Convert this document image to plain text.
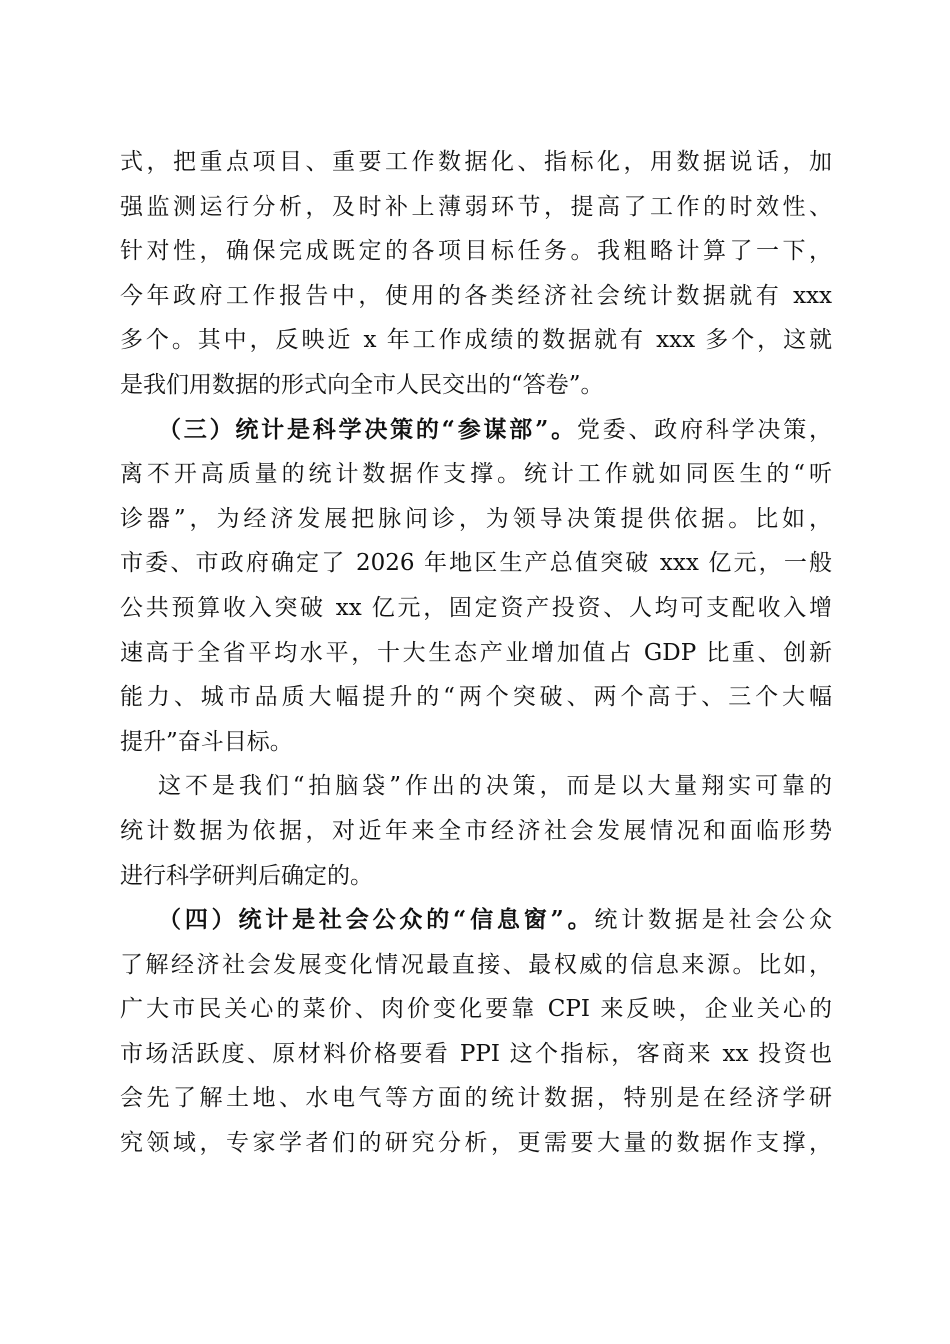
式，把重点项目、重要工作数据化、指标化，用数据说话，加
强监测运行分析，及时补上薄弱环节，提高了工作的时效性、
针对性，确保完成既定的各项目标任务。我粗略计算了一下，
今年政府工作报告中，使用的各类经济社会统计数据就有 xxx
多个。其中，反映近 x 年工作成绩的数据就有 xxx 多个，这就
是我们用数据的形式向全市人民交出的“答卷”。
（三）统计是科学决策的“参谋部”。党委、政府科学决策，
离不开高质量的统计数据作支撑。统计工作就如同医生的“听
诊器”，为经济发展把脉问诊，为领导决策提供依据。比如，
市委、市政府确定了 2026 年地区生产总值突破 xxx 亿元，一般
公共预算收入突破 xx 亿元，固定资产投资、人均可支配收入增
速高于全省平均水平，十大生态产业增加值占 GDP 比重、创新
能力、城市品质大幅提升的“两个突破、两个高于、三个大幅
提升”奋斗目标。
这不是我们“拍脑袋”作出的决策，而是以大量翔实可靠的
统计数据为依据，对近年来全市经济社会发展情况和面临形势
进行科学研判后确定的。
（四）统计是社会公众的“信息窗”。统计数据是社会公众
了解经济社会发展变化情况最直接、最权威的信息来源。比如，
广大市民关心的菜价、肉价变化要靠 CPI 来反映，企业关心的
市场活跃度、原材料价格要看 PPI 这个指标，客商来 xx 投资也
会先了解土地、水电气等方面的统计数据，特别是在经济学研
究领域，专家学者们的研究分析，更需要大量的数据作支撑，
